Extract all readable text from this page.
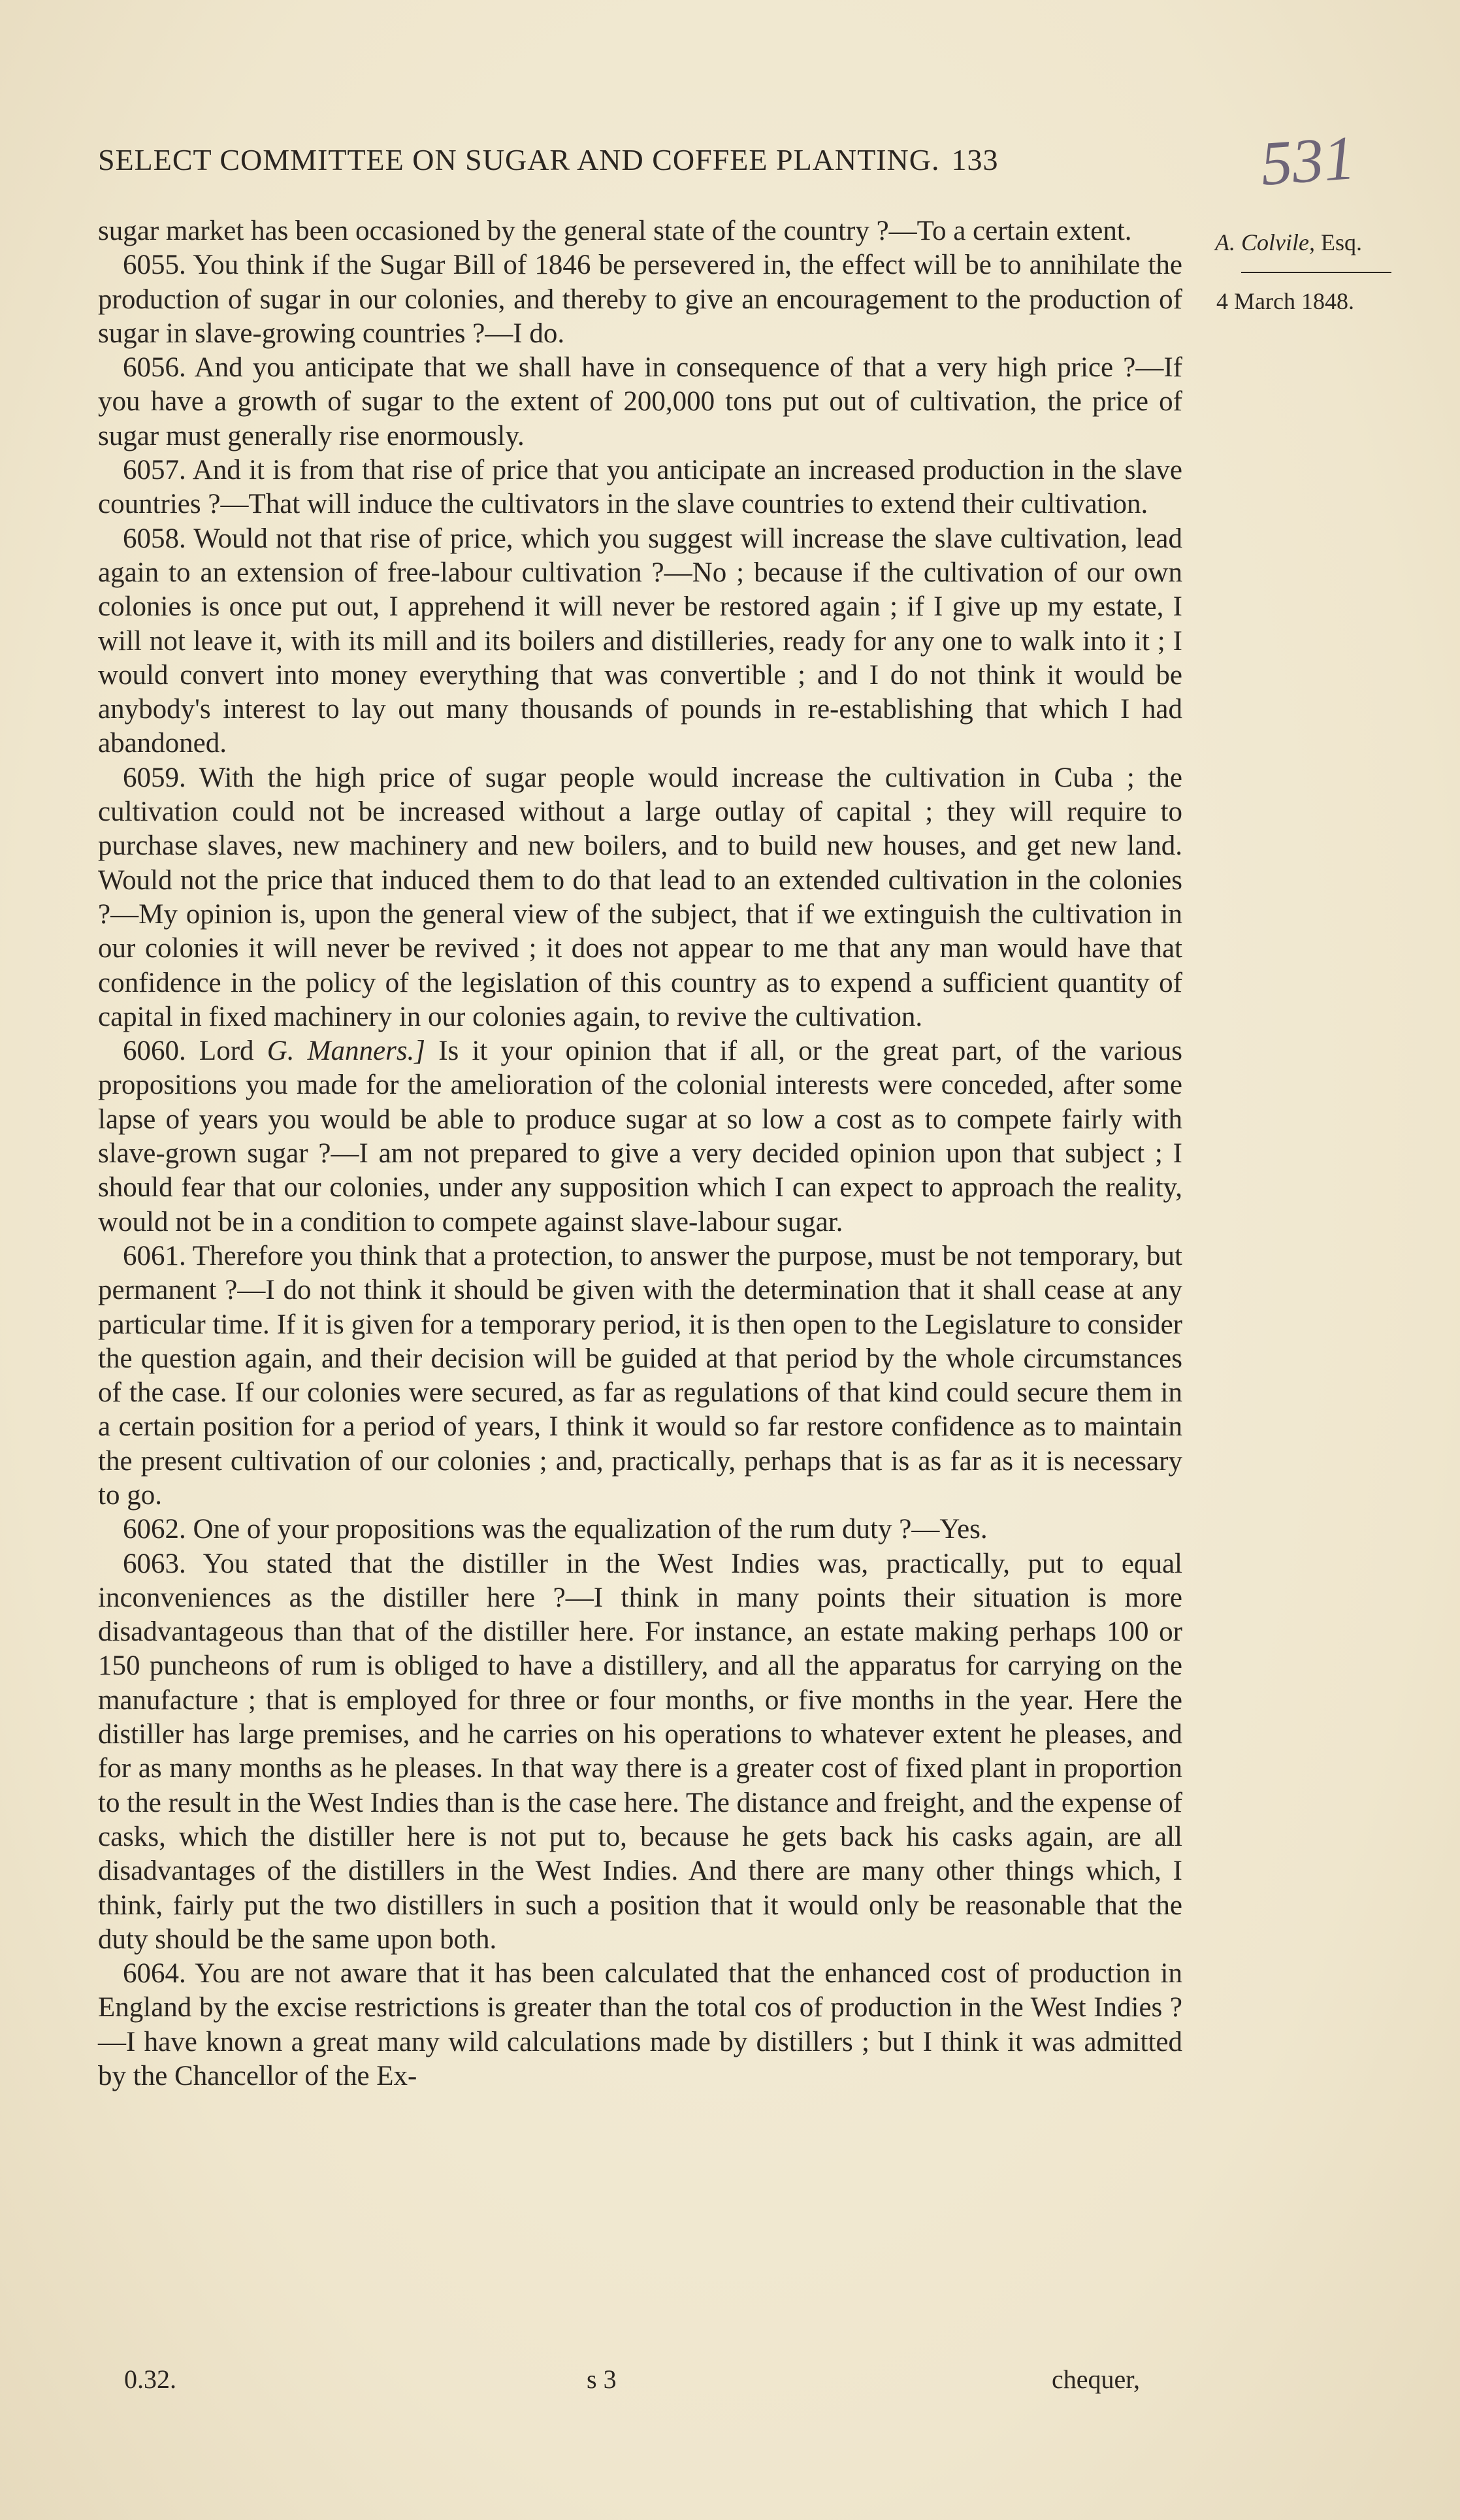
SELECT COMMITTEE ON SUGAR AND COFFEE PLANTING. 133	531
A. Colvile, Esq.
4 March 1848.

sugar market has been occasioned by the general state of the country ?—To a certain extent.

6055. You think if the Sugar Bill of 1846 be persevered in, the effect will be to annihilate the production of sugar in our colonies, and thereby to give an encouragement to the production of sugar in slave-growing countries ?—I do.

6056. And you anticipate that we shall have in consequence of that a very high price ?—If you have a growth of sugar to the extent of 200,000 tons put out of cultivation, the price of sugar must generally rise enormously.

6057. And it is from that rise of price that you anticipate an increased production in the slave countries ?—That will induce the cultivators in the slave countries to extend their cultivation.

6058. Would not that rise of price, which you suggest will increase the slave cultivation, lead again to an extension of free-labour cultivation ?—No ; because if the cultivation of our own colonies is once put out, I apprehend it will never be restored again ; if I give up my estate, I will not leave it, with its mill and its boilers and distilleries, ready for any one to walk into it ; I would convert into money everything that was convertible ; and I do not think it would be anybody's interest to lay out many thousands of pounds in re-establishing that which I had abandoned.

6059. With the high price of sugar people would increase the cultivation in Cuba ; the cultivation could not be increased without a large outlay of capital ; they will require to purchase slaves, new machinery and new boilers, and to build new houses, and get new land. Would not the price that induced them to do that lead to an extended cultivation in the colonies ?—My opinion is, upon the general view of the subject, that if we extinguish the cultivation in our colonies it will never be revived ; it does not appear to me that any man would have that confidence in the policy of the legislation of this country as to expend a sufficient quantity of capital in fixed machinery in our colonies again, to revive the cultivation.

6060. Lord G. Manners.] Is it your opinion that if all, or the great part, of the various propositions you made for the amelioration of the colonial interests were conceded, after some lapse of years you would be able to produce sugar at so low a cost as to compete fairly with slave-grown sugar ?—I am not prepared to give a very decided opinion upon that subject ; I should fear that our colonies, under any supposition which I can expect to approach the reality, would not be in a condition to compete against slave-labour sugar.

6061. Therefore you think that a protection, to answer the purpose, must be not temporary, but permanent ?—I do not think it should be given with the determination that it shall cease at any particular time. If it is given for a temporary period, it is then open to the Legislature to consider the question again, and their decision will be guided at that period by the whole circumstances of the case. If our colonies were secured, as far as regulations of that kind could secure them in a certain position for a period of years, I think it would so far restore confidence as to maintain the present cultivation of our colonies ; and, practically, perhaps that is as far as it is necessary to go.

6062. One of your propositions was the equalization of the rum duty ?—Yes.

6063. You stated that the distiller in the West Indies was, practically, put to equal inconveniences as the distiller here ?—I think in many points their situation is more disadvantageous than that of the distiller here. For instance, an estate making perhaps 100 or 150 puncheons of rum is obliged to have a distillery, and all the apparatus for carrying on the manufacture ; that is employed for three or four months, or five months in the year. Here the distiller has large premises, and he carries on his operations to whatever extent he pleases, and for as many months as he pleases. In that way there is a greater cost of fixed plant in proportion to the result in the West Indies than is the case here. The distance and freight, and the expense of casks, which the distiller here is not put to, because he gets back his casks again, are all disadvantages of the distillers in the West Indies. And there are many other things which, I think, fairly put the two distillers in such a position that it would only be reasonable that the duty should be the same upon both.

6064. You are not aware that it has been calculated that the enhanced cost of production in England by the excise restrictions is greater than the total cos of production in the West Indies ?—I have known a great many wild calculations made by distillers ; but I think it was admitted by the Chancellor of the Ex-

0.32.	s 3	chequer,
